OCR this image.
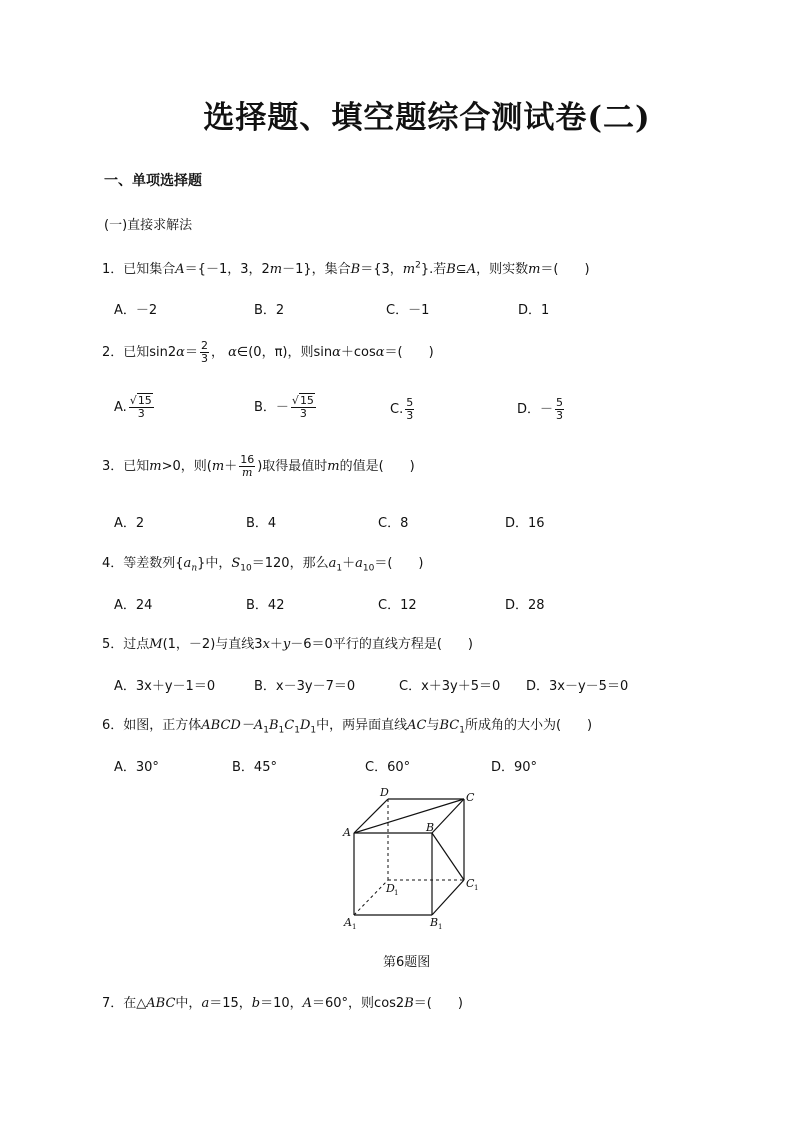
选择题、填空题综合测试卷(二)
一、单项选择题
(一)直接求解法
1．已知集合A＝{－1，3，2m－1}，集合B＝{3，$m^2$}.若B⊆A，则实数m＝(　　)
A．－2	B．2	C．－1	D．1
2．已知$\sin 2\alpha= \frac{2}{3}$ ， α∈(0，π)，则sinα＋cosα＝(　　)
A. $\frac{√15}{3}$	B．－ $\frac{√15}{3}$	C. $\frac{5}{3}$	D．－ $\frac{5}{3}$
3．已知m>0，则($m+ \frac{16}{m}$ )取得最值时m的值是(　　)
A．2	B．4	C．8	D．16
4．等差数列$\{a_n\}$中，$S_{10}=120$，那么$a_1+a_{10}=$(　　)
A．24	B．42	C．12	D．28
5．过点M(1，－2)与直线3x＋y－6＝0平行的直线方程是(　　)
A．3x＋y－1＝0	B．x－3y－7＝0	C．x＋3y＋5＝0 D．3x－y－5＝0
6．如图，正方体$ABCD-A_1B_1C_1D_1$中，两异面直线AC与$BC_1$所成角的大小为(　　)
A．30°	B．45°	C．60°	D．90°
D	C
A	B
D 1
C 1
A 1	B 1
第6题图
7．在△ABC中，a＝15，b＝10，A＝60°，则cos2B＝(　　)
